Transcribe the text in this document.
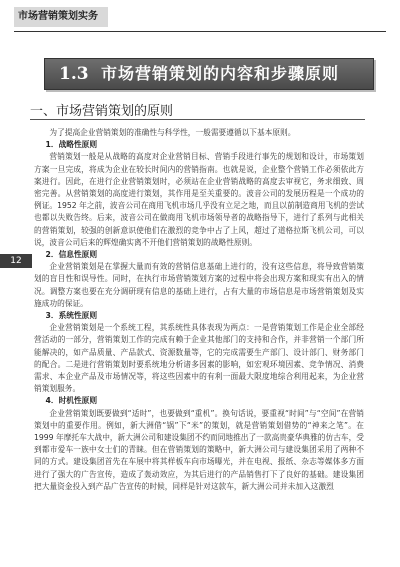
市场营销策划实务
1.3 市场营销策划的内容和步骤原则
一、市场营销策划的原则
12

为了提高企业营销策划的准确性与科学性，一般需要遵循以下基本原则。

1．战略性原则

营销策划一般是从战略的高度对企业营销目标、营销手段进行事先的规划和设计，市场策划方案一旦完成，将成为企业在较长时间内的营销指南。也就是说，企业整个营销工作必须依此方案进行。因此，在进行企业营销策划时，必须站在企业营销战略的高度去审视它，务求细致、周密完善。从营销策划的高度进行策划，其作用是至关重要的。波音公司的发展历程是一个成功的例证。1952 年之前，波音公司在商用飞机市场几乎没有立足之地，而且以前制造商用飞机的尝试也都以失败告终。后来，波音公司在做商用飞机市场领导者的战略指导下，进行了系列与此相关的营销策划，较强的创新意识使他们在激烈的竞争中占了上风，超过了道格拉斯飞机公司，可以说，波音公司后来的辉煌确实离不开他们营销策划的战略性原则。

2．信息性原则

企业营销策划是在掌握大量而有效的营销信息基础上进行的，没有这些信息，将导致营销策划的盲目性和误导性。同时，在执行市场营销策划方案的过程中将会出现方案和现实有出入的情况。调整方案也要在充分调研现有信息的基础上进行，占有大量的市场信息是市场营销策划及实施成功的保证。

3．系统性原则

企业营销策划是一个系统工程，其系统性具体表现为两点：一是营销策划工作是企业全部经营活动的一部分，营销策划工作的完成有赖于企业其他部门的支持和合作，并非营销一个部门所能解决的，如产品质量、产品款式、资源数量等，它的完成需要生产部门、设计部门、财务部门的配合。二是进行营销策划时要系统地分析诸多因素的影响，如宏观环境因素、竞争情况、消费需求、本企业产品及市场情况等，将这些因素中的有利一面最大限度地综合利用起来，为企业营销策划服务。

4．时机性原则

企业营销策划既要做到“适时”，也要做到“重机”。换句话说，要重视“时间”与“空间”在营销策划中的重要作用。例如，新大洲借“锅”下“米”的策划，就是营销策划借势的“神来之笔”。在 1999 年摩托车大战中，新大洲公司和建设集团不约而同地推出了一款高贵豪华典雅的仿古车，受到都市爱车一族中女士们的青睐。但在营销策划的策略中，新大洲公司与建设集团采用了两种不同的方式。建设集团首先在车展中将其样板车向市场曝光，并在电视、报纸、杂志等媒体多方面进行了强大的广告宣传，造成了轰动效应，为其后进行的产品销售打下了良好的基础。建设集团把大量资金投入到产品广告宣传的时候，同样是针对这款车，新大洲公司并未加入这激烈
